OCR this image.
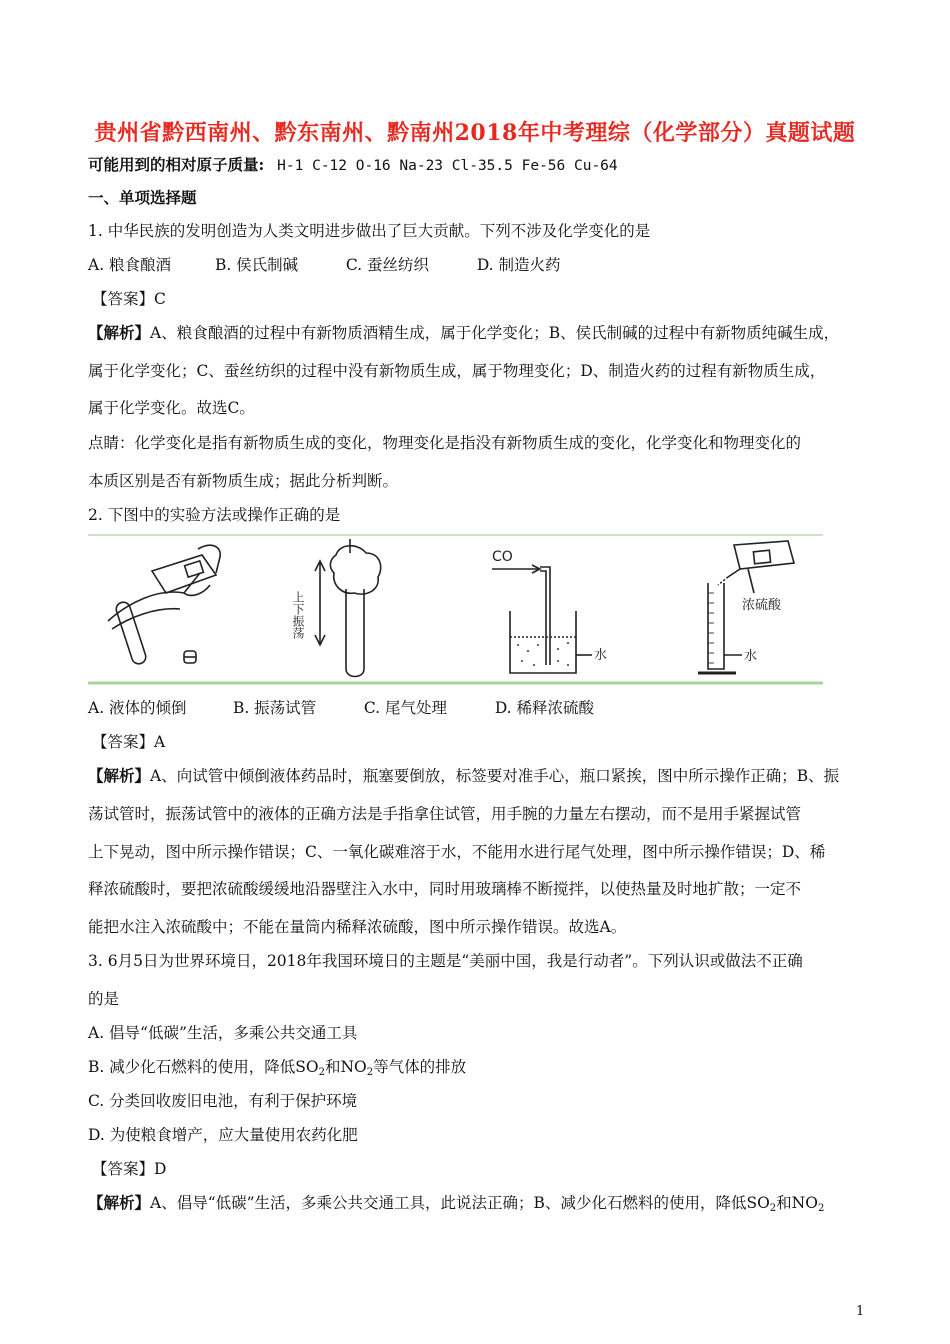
贵州省黔西南州、黔东南州、黔南州2018年中考理综（化学部分）真题试题
可能用到的相对原子质量: H-1 C-12 O-16 Na-23 Cl-35.5 Fe-56 Cu-64
一、单项选择题
1. 中华民族的发明创造为人类文明进步做出了巨大贡献。下列不涉及化学变化的是
A. 粮食酿酒	B. 侯氏制碱	C. 蚕丝纺织	D. 制造火药
【答案】C
【解析】A、粮食酿酒的过程中有新物质酒精生成，属于化学变化；B、侯氏制碱的过程中有新物质纯碱生成，
属于化学变化；C、蚕丝纺织的过程中没有新物质生成，属于物理变化；D、制造火药的过程有新物质生成，
属于化学变化。故选C。
点睛：化学变化是指有新物质生成的变化，物理变化是指没有新物质生成的变化，化学变化和物理变化的
本质区别是否有新物质生成；据此分析判断。
2. 下图中的实验方法或操作正确的是
上下振荡
CO
水
浓硫酸
水
A. 液体的倾倒	B. 振荡试管	C. 尾气处理	D. 稀释浓硫酸
【答案】A
【解析】A、向试管中倾倒液体药品时，瓶塞要倒放，标签要对准手心，瓶口紧挨，图中所示操作正确；B、振
荡试管时，振荡试管中的液体的正确方法是手指拿住试管，用手腕的力量左右摆动，而不是用手紧握试管
上下晃动，图中所示操作错误；C、一氧化碳难溶于水，不能用水进行尾气处理，图中所示操作错误；D、稀
释浓硫酸时，要把浓硫酸缓缓地沿器壁注入水中，同时用玻璃棒不断搅拌，以使热量及时地扩散；一定不
能把水注入浓硫酸中；不能在量筒内稀释浓硫酸，图中所示操作错误。故选A。
3. 6月5日为世界环境日，2018年我国环境日的主题是“美丽中国，我是行动者”。下列认识或做法不正确
的是
A. 倡导“低碳”生活，多乘公共交通工具
B. 减少化石燃料的使用，降低$SO_2$和$NO_2$等气体的排放
C. 分类回收废旧电池，有利于保护环境
D. 为使粮食增产，应大量使用农药化肥
【答案】D
【解析】A、倡导“低碳”生活，多乘公共交通工具，此说法正确；B、减少化石燃料的使用，降低$SO_2$和$NO_2$
1
